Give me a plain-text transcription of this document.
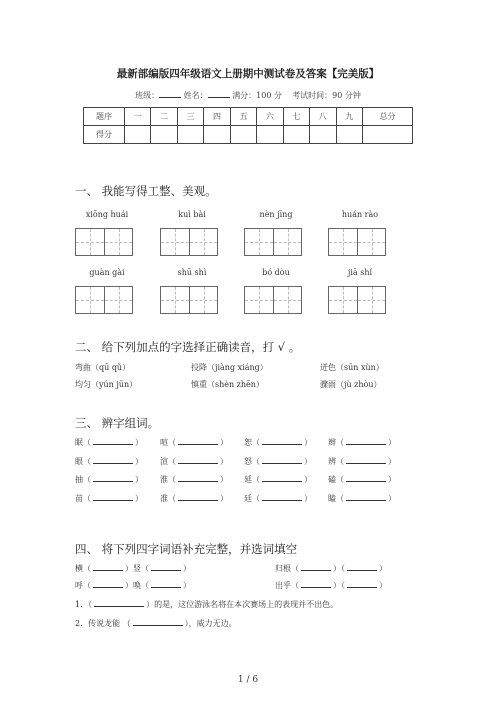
最新部编版四年级语文上册期中测试卷及答案【完美版】
班级：	姓名：	满分：100 分 考试时间：90 分钟
题序	一	二	三	四	五	六	七	八	九	总分
得分										
一、 我能写得工整、美观。
xiōng huái	kuì bài	nèn jīng	huán rào
guàn gài	shū shì	bó dòu	jiā shǐ
二、 给下列加点的字选择正确读音，打 √ 。
弯曲（qū qǔ）	投降（jiàng xiáng）	迸色（sūn xùn）
均匀（yún jūn）	慎重（shèn zhēn）	骤雨（jù zhòu）
三、 辨字组词。
眠（	） 喧（	） 恕（	） 辫（	）
眼（	） 渲（	） 怒（	） 辨（	）
抽（	） 淮（	） 延（	） 磕（	）
苗（	） 准（	） 廷（	） 瞌（	）
四、 将下列四字词语补充完整，并选词填空
横（	）竖（	）	归根（	）（	）
呼（	）唤（	）	出乎（	）（	）
1．（	）的是，这位游泳名将在本次赛场上的表现并不出色。
2．传说龙能 （	），威力无边。
1 / 6
